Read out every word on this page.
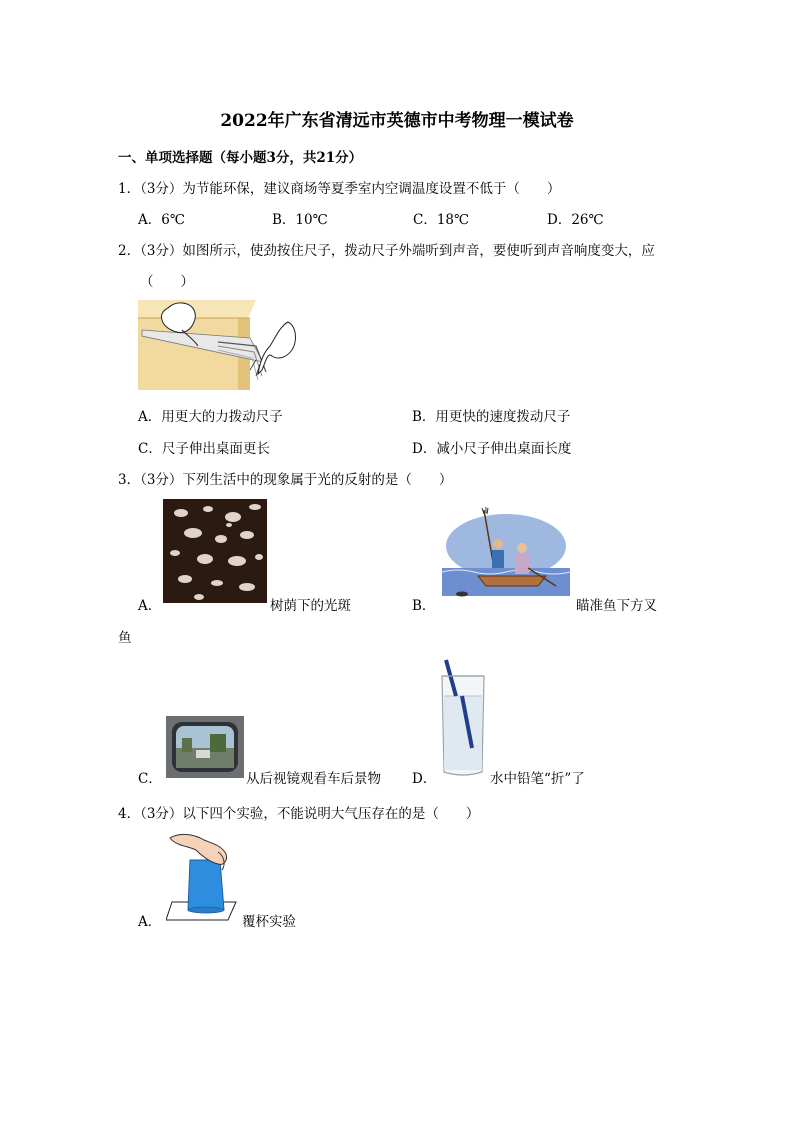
2022年广东省清远市英德市中考物理一模试卷
一、单项选择题（每小题3分，共21分）
1．（3分）为节能环保，建议商场等夏季室内空调温度设置不低于（　　）
A．6℃	B．10℃	C．18℃	D．26℃
2．（3分）如图所示，使劲按住尺子，拨动尺子外端听到声音，要使听到声音响度变大，应
（　　）
A．用更大的力拨动尺子	B．用更快的速度拨动尺子
C．尺子伸出桌面更长	D．减小尺子伸出桌面长度
3．（3分）下列生活中的现象属于光的反射的是（　　）
A．	树荫下的光斑	B．	瞄准鱼下方叉
鱼
C．	从后视镜观看车后景物 D．	水中铅笔“折”了
4．（3分）以下四个实验，不能说明大气压存在的是（　　）
A．	覆杯实验
